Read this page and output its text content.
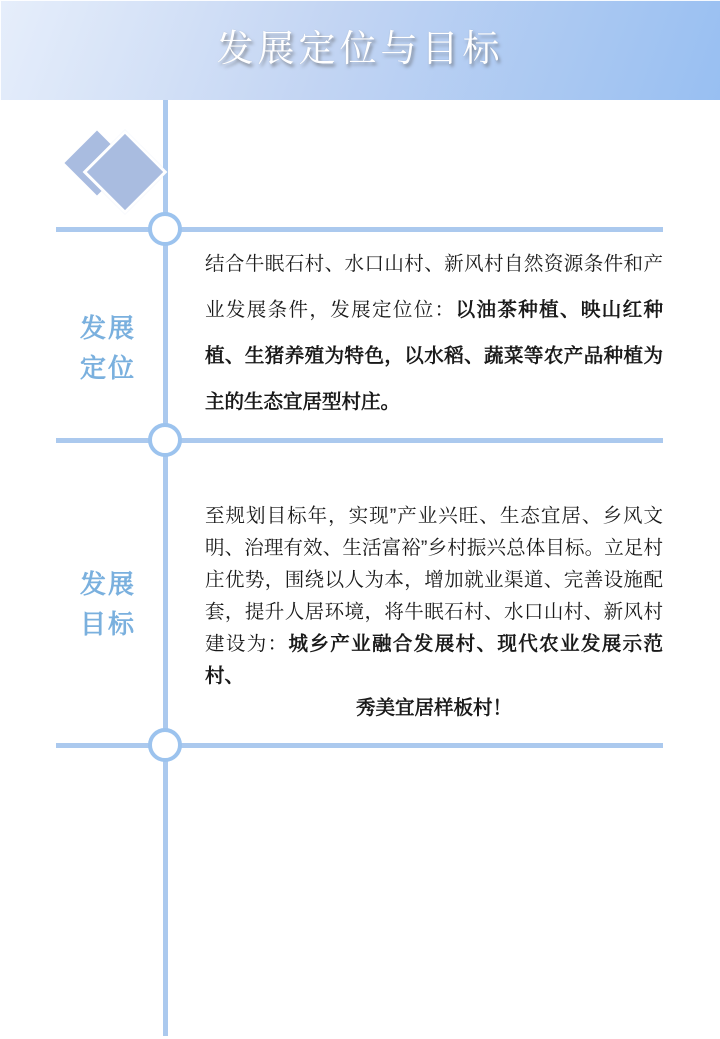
发展定位与目标
发展
定位
结合牛眠石村、水口山村、新风村自然资源条件和产业发展条件，发展定位位：以油茶种植、映山红种植、生猪养殖为特色，以水稻、蔬菜等农产品种植为主的生态宜居型村庄。
发展
目标
至规划目标年，实现”产业兴旺、生态宜居、乡风文明、治理有效、生活富裕”乡村振兴总体目标。立足村庄优势，围绕以人为本，增加就业渠道、完善设施配套，提升人居环境，将牛眠石村、水口山村、新风村建设为：城乡产业融合发展村、现代农业发展示范村、
秀美宜居样板村！
